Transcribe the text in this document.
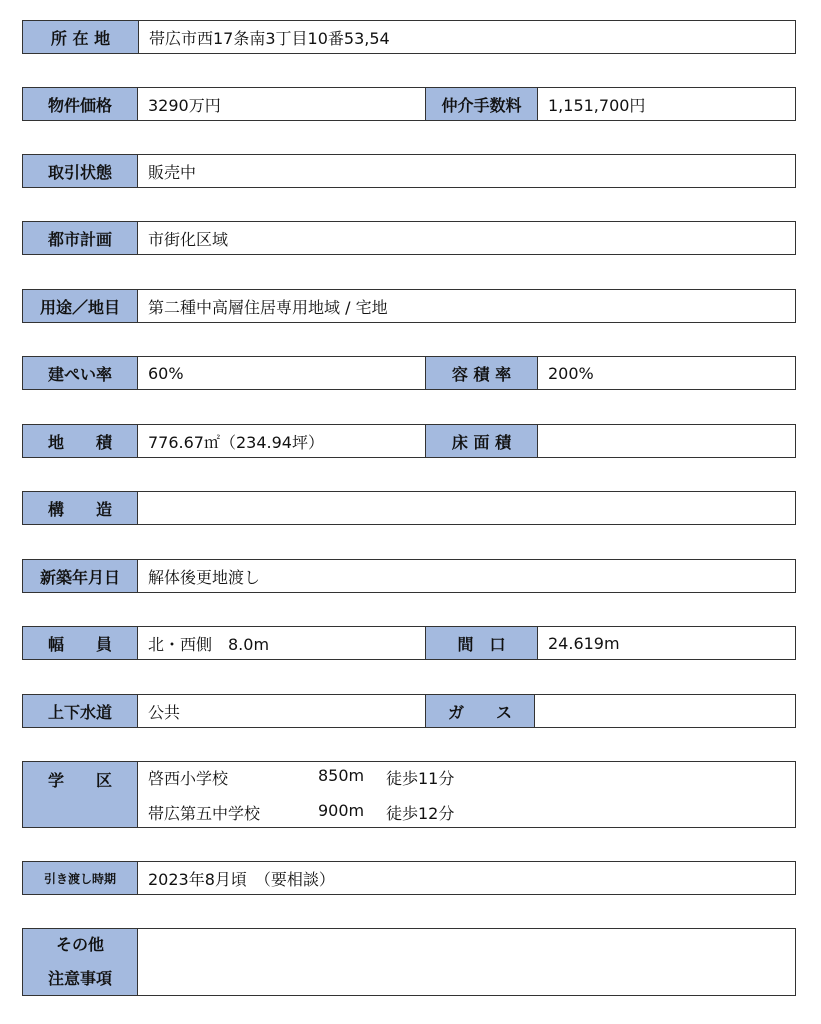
所 在 地	帯広市西17条南3丁目10番53,54
物件価格	3290万円	仲介手数料	1,151,700円
取引状態	販売中
都市計画	市街化区域
用途／地目	第二種中高層住居専用地域 / 宅地
建ぺい率	60%	容 積 率	200%
地　　積	776.67㎡（234.94坪）	床 面 積
構　　造
新築年月日	解体後更地渡し
幅　　員	北・西側　8.0m	間　口	24.619m
上下水道	公共	ガ　　ス
学　　区	啓西小学校	850m	徒歩11分
帯広第五中学校	900m	徒歩12分
引き渡し時期	2023年8月頃　（要相談）
その他
注意事項
